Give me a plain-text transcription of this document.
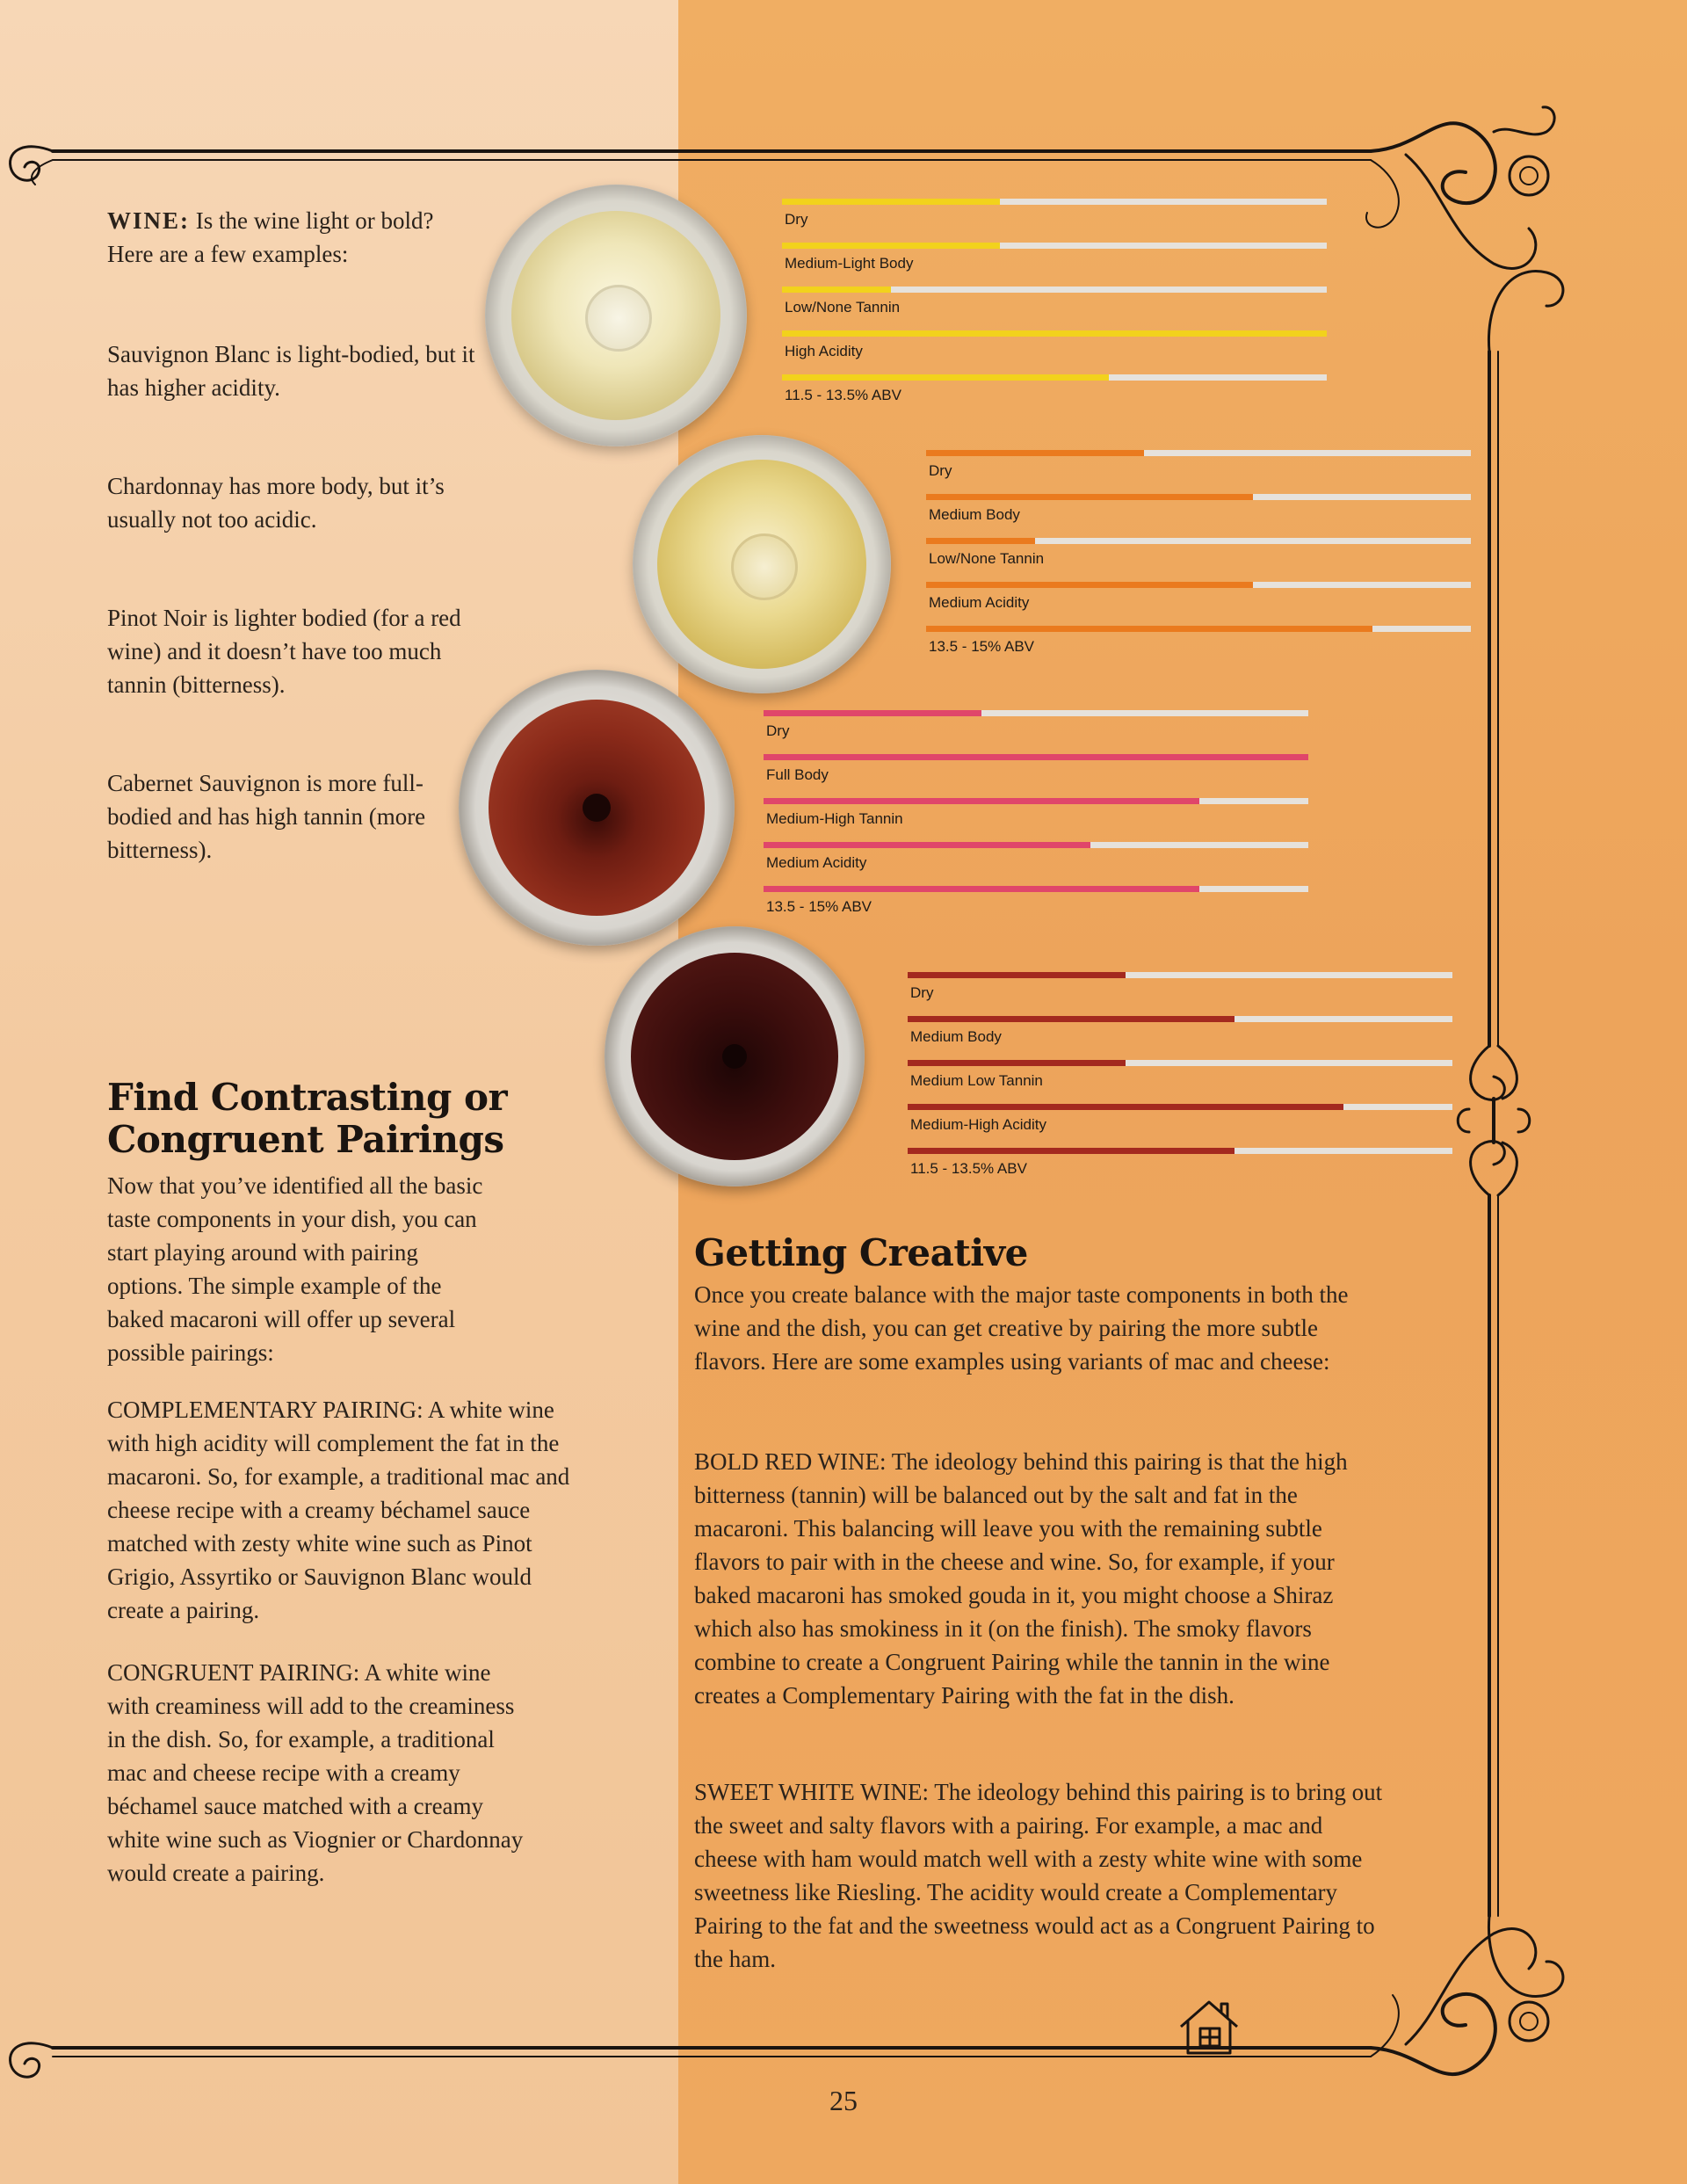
WINE: Is the wine light or bold? Here are a few examples:

Sauvignon Blanc is light-bodied, but it has higher acidity.
Chardonnay has more body, but it’s usually not too acidic.
Pinot Noir is lighter bodied (for a red wine) and it doesn’t have too much tannin (bitterness).
Cabernet Sauvignon is more full-bodied and has high tannin (more bitterness).
Dry
Medium-Light Body
Low/None Tannin
High Acidity
11.5 - 13.5% ABV
Dry
Medium Body
Low/None Tannin
Medium Acidity
13.5 - 15% ABV
Dry
Full Body
Medium-High Tannin
Medium Acidity
13.5 - 15% ABV
Dry
Medium Body
Medium Low Tannin
Medium-High Acidity
11.5 - 13.5% ABV
Find Contrasting or
Congruent Pairings
Now that you’ve identified all the basic taste components in your dish, you can start playing around with pairing options. The simple example of the baked macaroni will offer up several possible pairings:
COMPLEMENTARY PAIRING: A white wine with high acidity will complement the fat in the macaroni. So, for example, a traditional mac and cheese recipe with a creamy béchamel sauce matched with zesty white wine such as Pinot Grigio, Assyrtiko or Sauvignon Blanc would create a pairing.
CONGRUENT PAIRING: A white wine with creaminess will add to the creaminess in the dish. So, for example, a traditional mac and cheese recipe with a creamy béchamel sauce matched with a creamy white wine such as Viognier or Chardonnay would create a pairing.
Getting Creative
Once you create balance with the major taste components in both the wine and the dish, you can get creative by pairing the more subtle flavors. Here are some examples using variants of mac and cheese:
BOLD RED WINE: The ideology behind this pairing is that the high bitterness (tannin) will be balanced out by the salt and fat in the macaroni. This balancing will leave you with the remaining subtle flavors to pair with in the cheese and wine. So, for example, if your baked macaroni has smoked gouda in it, you might choose a Shiraz which also has smokiness in it (on the finish). The smoky flavors combine to create a Congruent Pairing while the tannin in the wine creates a Complementary Pairing with the fat in the dish.
SWEET WHITE WINE: The ideology behind this pairing is to bring out the sweet and salty flavors with a pairing. For example, a mac and cheese with ham would match well with a zesty white wine with some sweetness like Riesling. The acidity would create a Complementary Pairing to the fat and the sweetness would act as a Congruent Pairing to the ham.
25
